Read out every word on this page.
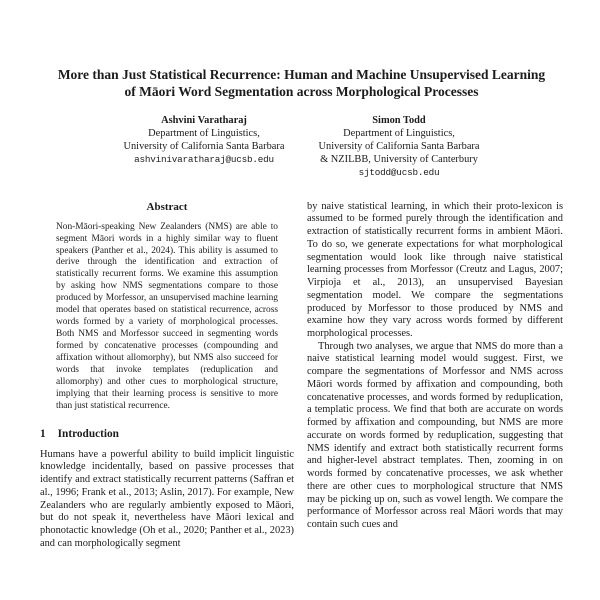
More than Just Statistical Recurrence: Human and Machine Unsupervised Learning of Māori Word Segmentation across Morphological Processes
Ashvini Varatharaj
Department of Linguistics,
University of California Santa Barbara
ashvinivaratharaj@ucsb.edu
Simon Todd
Department of Linguistics,
University of California Santa Barbara
& NZILBB, University of Canterbury
sjtodd@ucsb.edu
Abstract

Non-Māori-speaking New Zealanders (NMS) are able to segment Māori words in a highly similar way to fluent speakers (Panther et al., 2024). This ability is assumed to derive through the identification and extraction of statistically recurrent forms. We examine this assumption by asking how NMS segmentations compare to those produced by Morfessor, an unsupervised machine learning model that operates based on statistical recurrence, across words formed by a variety of morphological processes. Both NMS and Morfessor succeed in segmenting words formed by concatenative processes (compounding and affixation without allomorphy), but NMS also succeed for words that invoke templates (reduplication and allomorphy) and other cues to morphological structure, implying that their learning process is sensitive to more than just statistical recurrence.

1 Introduction

Humans have a powerful ability to build implicit linguistic knowledge incidentally, based on passive processes that identify and extract statistically recurrent patterns (Saffran et al., 1996; Frank et al., 2013; Aslin, 2017). For example, New Zealanders who are regularly ambiently exposed to Māori, but do not speak it, nevertheless have Māori lexical and phonotactic knowledge (Oh et al., 2020; Panther et al., 2023) and can morphologically segment

by naive statistical learning, in which their proto-lexicon is assumed to be formed purely through the identification and extraction of statistically recurrent forms in ambient Māori. To do so, we generate expectations for what morphological segmentation would look like through naive statistical learning processes from Morfessor (Creutz and Lagus, 2007; Virpioja et al., 2013), an unsupervised Bayesian segmentation model. We compare the segmentations produced by Morfessor to those produced by NMS and examine how they vary across words formed by different morphological processes.

Through two analyses, we argue that NMS do more than a naive statistical learning model would suggest. First, we compare the segmentations of Morfessor and NMS across Māori words formed by affixation and compounding, both concatenative processes, and words formed by reduplication, a templatic process. We find that both are accurate on words formed by affixation and compounding, but NMS are more accurate on words formed by reduplication, suggesting that NMS identify and extract both statistically recurrent forms and higher-level abstract templates. Then, zooming in on words formed by concatenative processes, we ask whether there are other cues to morphological structure that NMS may be picking up on, such as vowel length. We compare the performance of Morfessor across real Māori words that may contain such cues and
